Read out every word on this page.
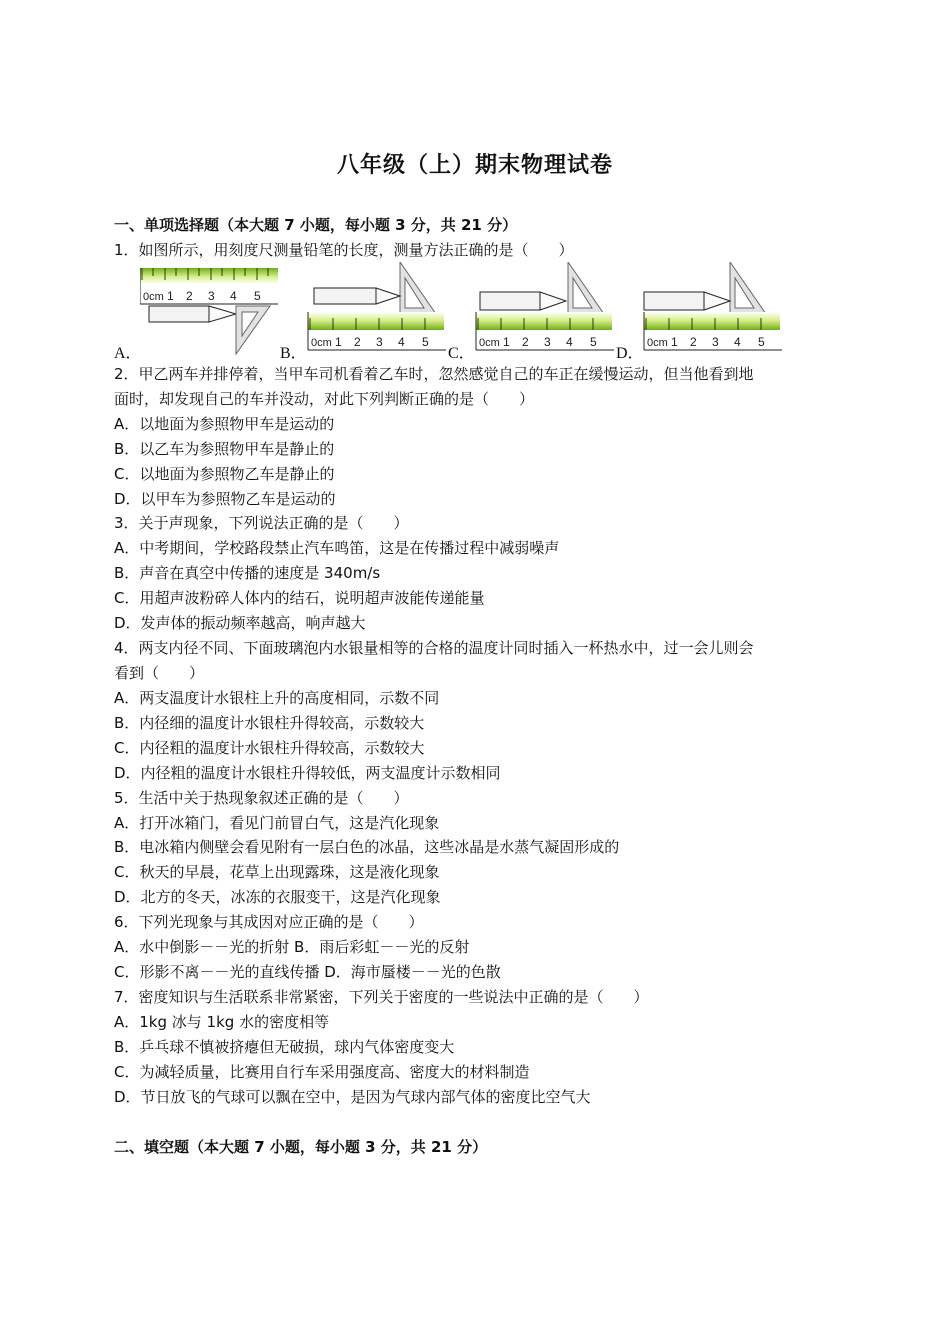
八年级（上）期末物理试卷
一、单项选择题（本大题 7 小题，每小题 3 分，共 21 分）
1．如图所示，用刻度尺测量铅笔的长度，测量方法正确的是（　　）
A．
0cm 1 2 3 4 5
B．
0cm 1 2 3 4 5
C．
0cm 1 2 3 4 5
D．
0cm 1 2 3 4 5
2．甲乙两车并排停着，当甲车司机看着乙车时，忽然感觉自己的车正在缓慢运动，但当他看到地
面时，却发现自己的车并没动，对此下列判断正确的是（　　）
A．以地面为参照物甲车是运动的
B．以乙车为参照物甲车是静止的
C．以地面为参照物乙车是静止的
D．以甲车为参照物乙车是运动的
3．关于声现象，下列说法正确的是（　　）
A．中考期间，学校路段禁止汽车鸣笛，这是在传播过程中减弱噪声
B．声音在真空中传播的速度是 340m/s
C．用超声波粉碎人体内的结石，说明超声波能传递能量
D．发声体的振动频率越高，响声越大
4．两支内径不同、下面玻璃泡内水银量相等的合格的温度计同时插入一杯热水中，过一会儿则会
看到（　　）
A．两支温度计水银柱上升的高度相同，示数不同
B．内径细的温度计水银柱升得较高，示数较大
C．内径粗的温度计水银柱升得较高，示数较大
D．内径粗的温度计水银柱升得较低，两支温度计示数相同
5．生活中关于热现象叙述正确的是（　　）
A．打开冰箱门，看见门前冒白气，这是汽化现象
B．电冰箱内侧壁会看见附有一层白色的冰晶，这些冰晶是水蒸气凝固形成的
C．秋天的早晨，花草上出现露珠，这是液化现象
D．北方的冬天，冰冻的衣服变干，这是汽化现象
6．下列光现象与其成因对应正确的是（　　）
A．水中倒影－－光的折射 B．雨后彩虹－－光的反射
C．形影不离－－光的直线传播 D．海市蜃楼－－光的色散
7．密度知识与生活联系非常紧密，下列关于密度的一些说法中正确的是（　　）
A．1kg 冰与 1kg 水的密度相等
B．乒乓球不慎被挤瘪但无破损，球内气体密度变大
C．为减轻质量，比赛用自行车采用强度高、密度大的材料制造
D．节日放飞的气球可以飘在空中，是因为气球内部气体的密度比空气大
二、填空题（本大题 7 小题，每小题 3 分，共 21 分）
